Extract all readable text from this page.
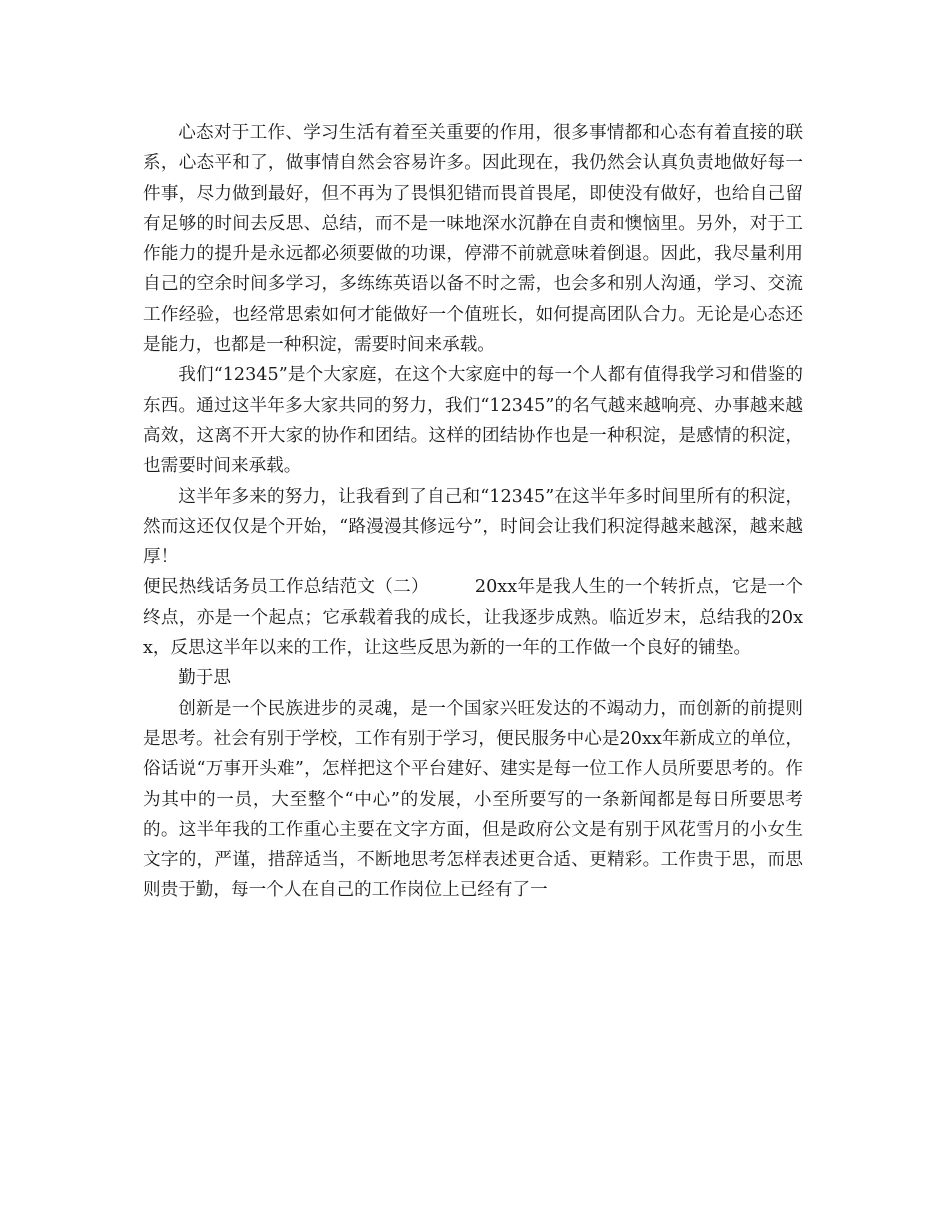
心态对于工作、学习生活有着至关重要的作用，很多事情都和心态有着直接的联系，心态平和了，做事情自然会容易许多。因此现在，我仍然会认真负责地做好每一件事，尽力做到最好，但不再为了畏惧犯错而畏首畏尾，即使没有做好，也给自己留有足够的时间去反思、总结，而不是一味地深水沉静在自责和懊恼里。另外，对于工作能力的提升是永远都必须要做的功课，停滞不前就意味着倒退。因此，我尽量利用自己的空余时间多学习，多练练英语以备不时之需，也会多和别人沟通，学习、交流工作经验，也经常思索如何才能做好一个值班长，如何提高团队合力。无论是心态还是能力，也都是一种积淀，需要时间来承载。

我们“12345”是个大家庭，在这个大家庭中的每一个人都有值得我学习和借鉴的东西。通过这半年多大家共同的努力，我们“12345”的名气越来越响亮、办事越来越高效，这离不开大家的协作和团结。这样的团结协作也是一种积淀，是感情的积淀，也需要时间来承载。

这半年多来的努力，让我看到了自己和“12345”在这半年多时间里所有的积淀，然而这还仅仅是个开始，“路漫漫其修远兮”，时间会让我们积淀得越来越深，越来越厚！

便民热线话务员工作总结范文（二）	20xx年是我人生的一个转折点，它是一个终点，亦是一个起点；它承载着我的成长，让我逐步成熟。临近岁末，总结我的20xx，反思这半年以来的工作，让这些反思为新的一年的工作做一个良好的铺垫。

勤于思

创新是一个民族进步的灵魂，是一个国家兴旺发达的不竭动力，而创新的前提则是思考。社会有别于学校，工作有别于学习，便民服务中心是20xx年新成立的单位，俗话说“万事开头难”，怎样把这个平台建好、建实是每一位工作人员所要思考的。作为其中的一员，大至整个“中心”的发展，小至所要写的一条新闻都是每日所要思考的。这半年我的工作重心主要在文字方面，但是政府公文是有别于风花雪月的小女生文字的，严谨，措辞适当，不断地思考怎样表述更合适、更精彩。工作贵于思，而思则贵于勤，每一个人在自己的工作岗位上已经有了一
